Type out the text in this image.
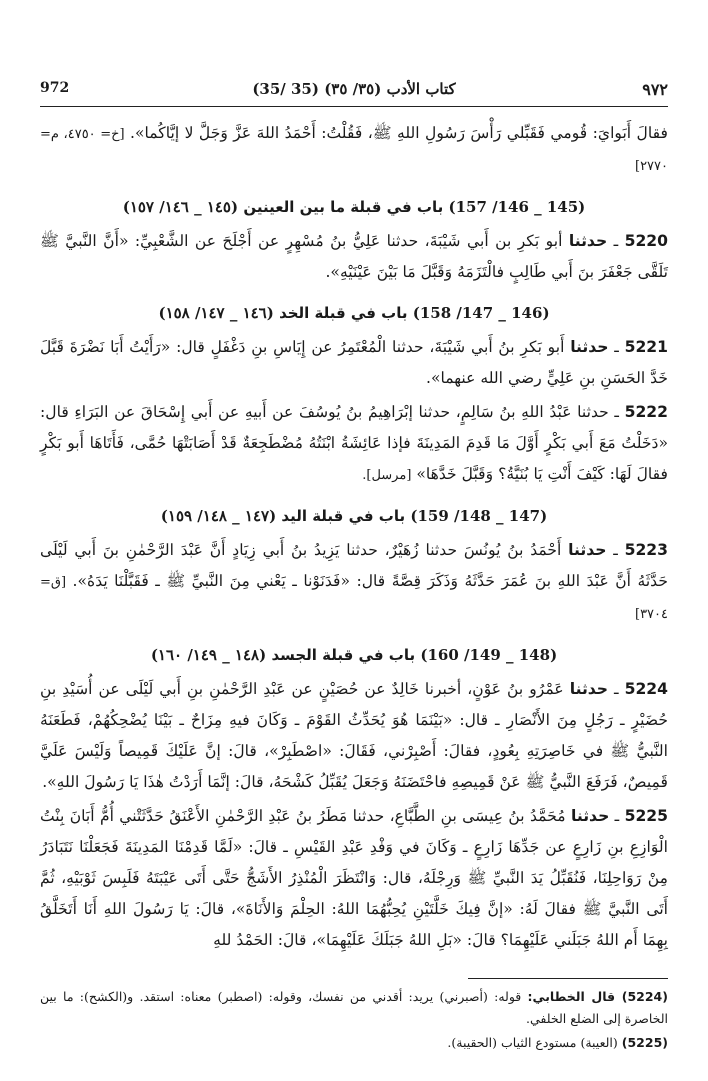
972	(35/ 35) كتاب الأدب (٣٥/ ٣٥)	٩٧٢

فقالَ أَبَوايَ: قُومي فَقَبِّلي رَأْسَ رَسُولِ اللهِ ﷺ، فَقُلْتُ: أَحْمَدُ اللهَ عَزَّ وَجَلَّ لا إيَّاكُما». [خ= ٤٧٥٠، م= ٢٧٧٠]

(145 _ 146/ 157) باب في قبلة ما بين العينين (١٤٥ _ ١٤٦/ ١٥٧)

5220 ـ حدثنا أبو بَكرِ بن أَبي شَيْبَةَ، حدثنا عَلِيُّ بنُ مُسْهِرٍ عن أَجْلَحَ عن الشَّعْبِيِّ: «أَنَّ النَّبيَّ ﷺ تَلَقَّى جَعْفَرَ بنَ أَبي طَالِبٍ فالْتَزَمَهُ وَقَبَّلَ مَا بَيْنَ عَيْنَيْهِ».

(146 _ 147/ 158) باب في قبلة الخد (١٤٦ _ ١٤٧/ ١٥٨)

5221 ـ حدثنا أَبو بَكرِ بنُ أَبي شَيْبَةَ، حدثنا الْمُعْتَمِرُ عن إِيَاسِ بنِ دَغْفَلٍ قال: «رَأَيْتُ أَبَا نَضْرَةَ قَبَّلَ خَدَّ الحَسَنِ بنِ عَلِيٍّ رضي الله عنهما».

5222 ـ حدثنا عَبْدُ اللهِ بنُ سَالِمٍ، حدثنا إبْرَاهِيمُ بنُ يُوسُفَ عن أَبيهِ عن أَبي إِسْحَاقَ عن البَرَاءِ قال: «دَخَلْتُ مَعَ أَبي بَكْرٍ أَوَّلَ مَا قَدِمَ المَدِينَةَ فإذا عَائِشَةُ ابْنَتُهُ مُضْطَجِعَةٌ قَدْ أَصَابَتْهَا حُمَّى، فَأَتَاهَا أَبو بَكْرٍ فقالَ لَهَا: كَيْفَ أَنْتِ يَا بُنَيَّةُ؟ وَقَبَّلَ خَدَّهَا» [مرسل].

(147 _ 148/ 159) باب في قبلة اليد (١٤٧ _ ١٤٨/ ١٥٩)

5223 ـ حدثنا أَحْمَدُ بنُ يُونُسَ حدثنا زُهَيْرٌ، حدثنا يَزِيدُ بنُ أَبي زِيَادٍ أَنَّ عَبْدَ الرَّحْمٰنِ بنَ أَبي لَيْلَى حَدَّثَهُ أَنَّ عَبْدَ اللهِ بنَ عُمَرَ حَدَّثَهُ وَذَكَرَ قِصَّةً قال: «فَدَنَوْنا ـ يَعْني مِنَ النَّبيِّ ﷺ ـ فَقَبَّلْنَا يَدَهُ». [ق= ٣٧٠٤]

(148 _ 149/ 160) باب في قبلة الجسد (١٤٨ _ ١٤٩/ ١٦٠)

5224 ـ حدثنا عَمْرُو بنُ عَوْنٍ، أخبرنا خَالِدٌ عن حُصَيْنٍ عن عَبْدِ الرَّحْمٰنِ بنِ أَبي لَيْلَى عن أُسَيْدِ بنِ حُضَيْرٍ ـ رَجُلٍ مِنَ الأَنْصَارِ ـ قال: «بَيْنَمَا هُوَ يُحَدِّثُ القَوْمَ ـ وَكَانَ فيهِ مِزَاحٌ ـ بَيْنَا يُضْحِكُهُمْ، فَطَعَنَهُ النَّبيُّ ﷺ في خَاصِرَتِهِ بِعُودٍ، فقالَ: أَصْبِرْني، فَقَالَ: «اصْطَبِرْ»، قالَ: إنَّ عَلَيْكَ قَمِيصاً وَلَيْسَ عَلَيَّ قَمِيصٌ، فَرَفَعَ النَّبيُّ ﷺ عَنْ قَمِيصِهِ فاحْتَضَنَهُ وَجَعَلَ يُقَبِّلُ كَشْحَهُ، قالَ: إنَّمَا أَرَدْتُ هٰذَا يَا رَسُولَ اللهِ».

5225 ـ حدثنا مُحَمَّدُ بنُ عِيسَى بنِ الطَّبَّاعِ، حدثنا مَطَرُ بنُ عَبْدِ الرَّحْمٰنِ الأَعْنَقُ حَدَّثَتْني أُمُّ أَبَانَ بِنْتُ الْوَازِعِ بنِ زَارِعٍ عن جَدِّهَا زَارِعٍ ـ وَكَانَ في وَفْدِ عَبْدِ القَيْسِ ـ قالَ: «لَمَّا قَدِمْنَا المَدِينَةَ فَجَعَلْنَا نَتَبَادَرُ مِنْ رَوَاحِلِنَا، فَنُقَبِّلُ يَدَ النَّبيِّ ﷺ وَرِجْلَهُ، قال: وَانْتَظَرَ الْمُنْذِرُ الأَشَجُّ حَتَّى أَتَى عَيْبَتَهُ فَلَبِسَ ثَوْبَيْهِ، ثُمَّ أَتَى النَّبيَّ ﷺ فقالَ لَهُ: «إنَّ فِيكَ خَلَّتَيْنِ يُحِبُّهُمَا اللهُ: الحِلْمَ وَالأَنَاةَ»، قالَ: يَا رَسُولَ اللهِ أَنَا أَتَخَلَّقُ بِهِمَا أَم اللهُ جَبَلَني عَلَيْهِمَا؟ قالَ: «بَلِ اللهُ جَبَلَكَ عَلَيْهِمَا»، قالَ: الحَمْدُ للهِ

(5224) قال الخطابي: قوله: (أصبرني) يريد: أقدني من نفسك، وقوله: (اصطبر) معناه: استقد. و(الكشح): ما بين الخاصرة إلى الضلع الخلفي.

(5225) (العيبة) مستودع الثياب (الحقيبة).
